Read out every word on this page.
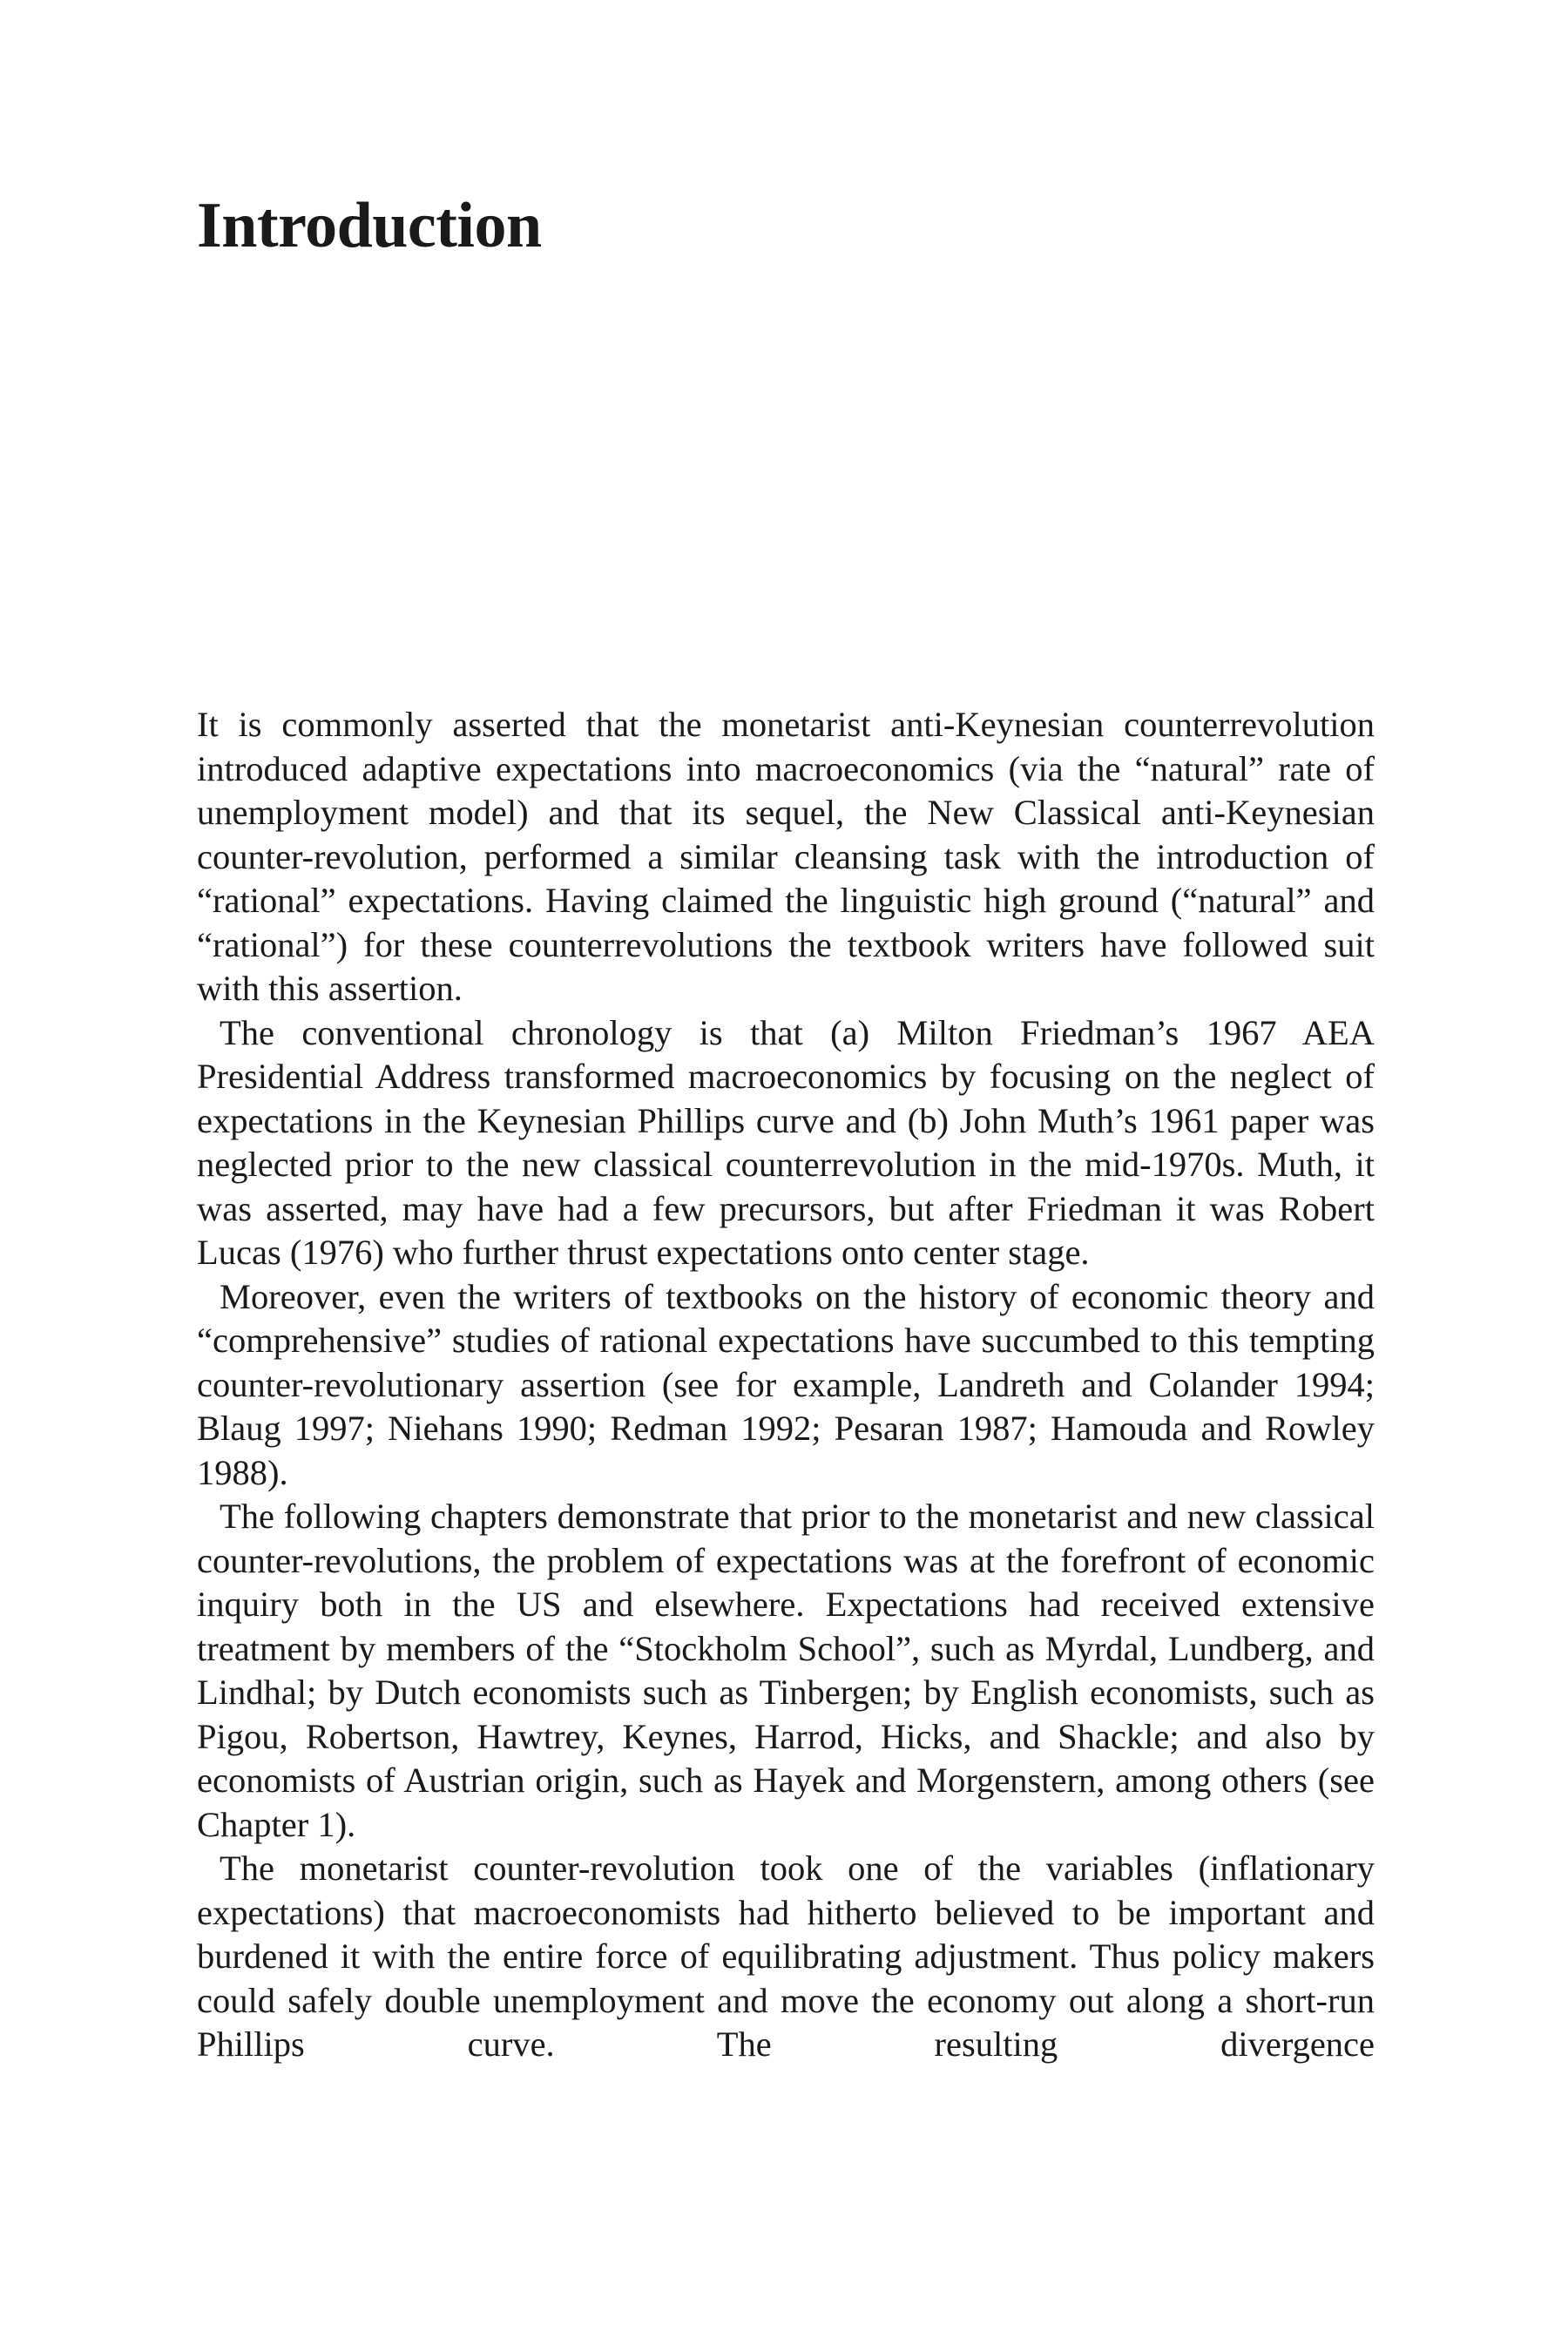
Introduction

It is commonly asserted that the monetarist anti-Keynesian counterrevolution introduced adaptive expectations into macroeconomics (via the “natural” rate of unemployment model) and that its sequel, the New Classical anti-Keynesian counter-revolution, performed a similar cleansing task with the introduction of “rational” expectations. Having claimed the linguistic high ground (“natural” and “rational”) for these counterrevolutions the textbook writers have followed suit with this assertion.

The conventional chronology is that (a) Milton Friedman’s 1967 AEA Presidential Address transformed macroeconomics by focusing on the neglect of expectations in the Keynesian Phillips curve and (b) John Muth’s 1961 paper was neglected prior to the new classical counterrevolution in the mid-1970s. Muth, it was asserted, may have had a few precursors, but after Friedman it was Robert Lucas (1976) who further thrust expectations onto center stage.

Moreover, even the writers of textbooks on the history of economic theory and “comprehensive” studies of rational expectations have succumbed to this tempting counter-revolutionary assertion (see for example, Landreth and Colander 1994; Blaug 1997; Niehans 1990; Redman 1992; Pesaran 1987; Hamouda and Rowley 1988).

The following chapters demonstrate that prior to the monetarist and new classical counter-revolutions, the problem of expectations was at the forefront of economic inquiry both in the US and elsewhere. Expectations had received extensive treatment by members of the “Stockholm School”, such as Myrdal, Lundberg, and Lindhal; by Dutch economists such as Tinbergen; by English economists, such as Pigou, Robertson, Hawtrey, Keynes, Harrod, Hicks, and Shackle; and also by economists of Austrian origin, such as Hayek and Morgenstern, among others (see Chapter 1).

The monetarist counter-revolution took one of the variables (inflationary expectations) that macroeconomists had hitherto believed to be important and burdened it with the entire force of equilibrating adjustment. Thus policy makers could safely double unemployment and move the economy out along a short-run Phillips curve. The resulting divergence
